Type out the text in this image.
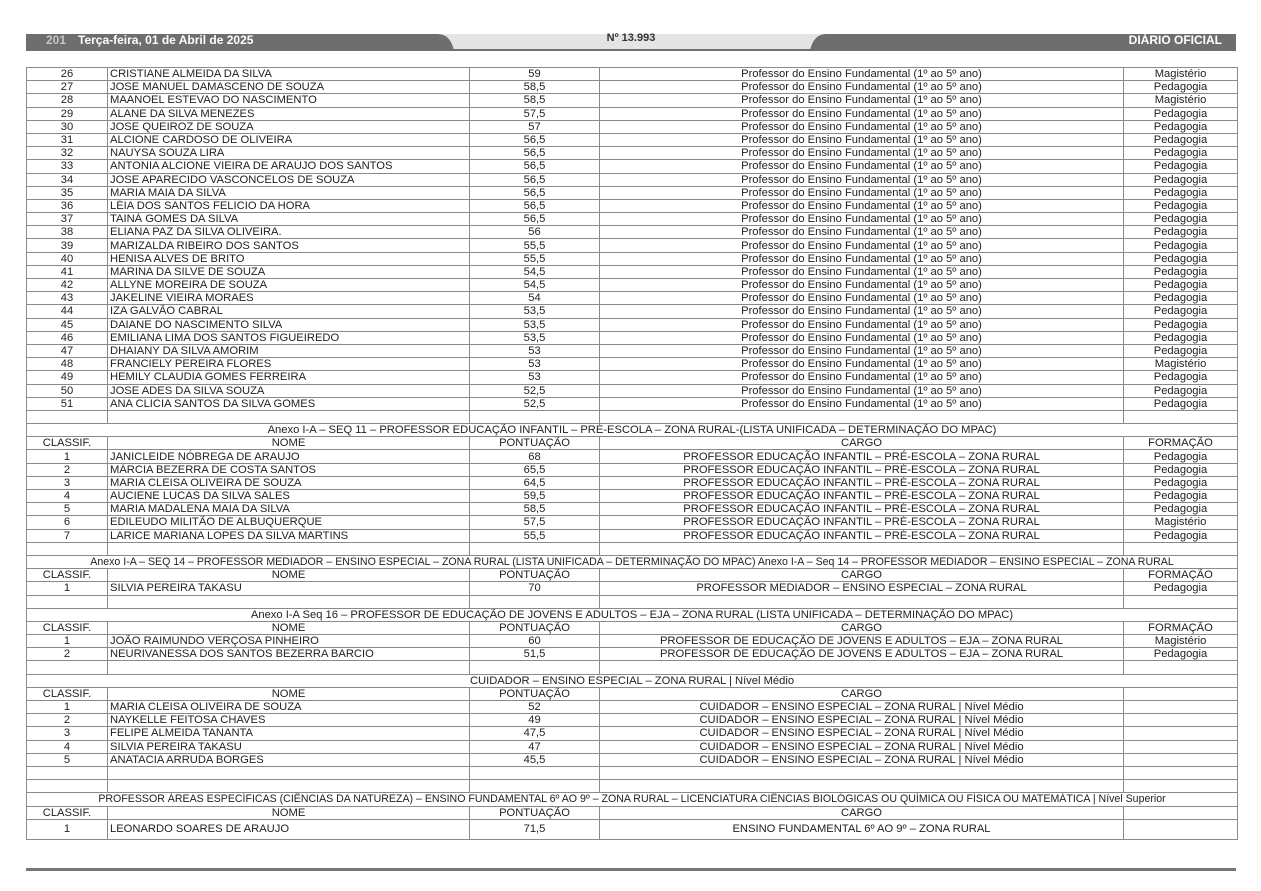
201 Terça-feira, 01 de Abril de 2025	Nº 13.993	DIÁRIO OFICIAL
26	CRISTIANE ALMEIDA DA SILVA	59	Professor do Ensino Fundamental (1º ao 5º ano)	Magistério
27	JOSE MANUEL DAMASCENO DE SOUZA	58,5	Professor do Ensino Fundamental (1º ao 5º ano)	Pedagogia
28	MAANOEL ESTEVAO DO NASCIMENTO	58,5	Professor do Ensino Fundamental (1º ao 5º ano)	Magistério
29	ALANE DA SILVA MENEZES	57,5	Professor do Ensino Fundamental (1º ao 5º ano)	Pedagogia
30	JOSE QUEIROZ DE SOUZA	57	Professor do Ensino Fundamental (1º ao 5º ano)	Pedagogia
31	ALCIONE CARDOSO DE OLIVEIRA	56,5	Professor do Ensino Fundamental (1º ao 5º ano)	Pedagogia
32	NAUYSA SOUZA LIRA	56,5	Professor do Ensino Fundamental (1º ao 5º ano)	Pedagogia
33	ANTONIA ALCIONE VIEIRA DE ARAÚJO DOS SANTOS	56,5	Professor do Ensino Fundamental (1º ao 5º ano)	Pedagogia
34	JOSE APARECIDO VASCONCELOS DE SOUZA	56,5	Professor do Ensino Fundamental (1º ao 5º ano)	Pedagogia
35	MARIA MAIA DA SILVA	56,5	Professor do Ensino Fundamental (1º ao 5º ano)	Pedagogia
36	LÉIA DOS SANTOS FELICIO DA HORA	56,5	Professor do Ensino Fundamental (1º ao 5º ano)	Pedagogia
37	TAINÁ GOMES DA SILVA	56,5	Professor do Ensino Fundamental (1º ao 5º ano)	Pedagogia
38	ELIANA PAZ DA SILVA OLIVEIRA.	56	Professor do Ensino Fundamental (1º ao 5º ano)	Pedagogia
39	MARIZALDA RIBEIRO DOS SANTOS	55,5	Professor do Ensino Fundamental (1º ao 5º ano)	Pedagogia
40	HENISA ALVES DE BRITO	55,5	Professor do Ensino Fundamental (1º ao 5º ano)	Pedagogia
41	MARINA DA SILVE DE SOUZA	54,5	Professor do Ensino Fundamental (1º ao 5º ano)	Pedagogia
42	ALLYNE MOREIRA DE SOUZA	54,5	Professor do Ensino Fundamental (1º ao 5º ano)	Pedagogia
43	JAKELINE VIEIRA MORAES	54	Professor do Ensino Fundamental (1º ao 5º ano)	Pedagogia
44	IZA GALVÃO CABRAL	53,5	Professor do Ensino Fundamental (1º ao 5º ano)	Pedagogia
45	DAIANE DO NASCIMENTO SILVA	53,5	Professor do Ensino Fundamental (1º ao 5º ano)	Pedagogia
46	EMILIANA LIMA DOS SANTOS FIGUEIREDO	53,5	Professor do Ensino Fundamental (1º ao 5º ano)	Pedagogia
47	DHAIANY DA SILVA AMORIM	53	Professor do Ensino Fundamental (1º ao 5º ano)	Pedagogia
48	FRANCIELY PEREIRA FLORES	53	Professor do Ensino Fundamental (1º ao 5º ano)	Magistério
49	HEMILY CLAUDIA GOMES FERREIRA	53	Professor do Ensino Fundamental (1º ao 5º ano)	Pedagogia
50	JOSE ADES DA SILVA SOUZA	52,5	Professor do Ensino Fundamental (1º ao 5º ano)	Pedagogia
51	ANA CLICIA SANTOS DA SILVA GOMES	52,5	Professor do Ensino Fundamental (1º ao 5º ano)	Pedagogia

Anexo I-A – SEQ 11 – PROFESSOR EDUCAÇÃO INFANTIL – PRÉ-ESCOLA – ZONA RURAL-(LISTA UNIFICADA – DETERMINAÇÃO DO MPAC)				
CLASSIF.	NOME	PONTUAÇÃO	CARGO	FORMAÇÃO
1	JANICLEIDE NÓBREGA DE ARAUJO	68	PROFESSOR EDUCAÇÃO INFANTIL – PRÉ-ESCOLA – ZONA RURAL	Pedagogia
2	MÁRCIA BEZERRA DE COSTA SANTOS	65,5	PROFESSOR EDUCAÇÃO INFANTIL – PRÉ-ESCOLA – ZONA RURAL	Pedagogia
3	MARIA CLEISA OLIVEIRA DE SOUZA	64,5	PROFESSOR EDUCAÇÃO INFANTIL – PRÉ-ESCOLA – ZONA RURAL	Pedagogia
4	AUCIENE LUCAS DA SILVA SALES	59,5	PROFESSOR EDUCAÇÃO INFANTIL – PRÉ-ESCOLA – ZONA RURAL	Pedagogia
5	MARIA MADALENA MAIA DA SILVA	58,5	PROFESSOR EDUCAÇÃO INFANTIL – PRÉ-ESCOLA – ZONA RURAL	Pedagogia
6	EDILEUDO MILITÃO DE ALBUQUERQUE	57,5	PROFESSOR EDUCAÇÃO INFANTIL – PRÉ-ESCOLA – ZONA RURAL	Magistério
7	LARICE MARIANA LOPES DA SILVA MARTINS	55,5	PROFESSOR EDUCAÇÃO INFANTIL – PRÉ-ESCOLA – ZONA RURAL	Pedagogia

Anexo I-A – SEQ 14 – PROFESSOR MEDIADOR – ENSINO ESPECIAL – ZONA RURAL (LISTA UNIFICADA – DETERMINAÇÃO DO MPAC) Anexo I-A – Seq 14 – PROFESSOR MEDIADOR – ENSINO ESPECIAL – ZONA RURAL				
CLASSIF.	NOME	PONTUAÇÃO	CARGO	FORMAÇÃO
1	SILVIA PEREIRA TAKASU	70	PROFESSOR MEDIADOR – ENSINO ESPECIAL – ZONA RURAL	Pedagogia

Anexo I-A Seq 16 – PROFESSOR DE EDUCAÇÃO DE JOVENS E ADULTOS – EJA – ZONA RURAL (LISTA UNIFICADA – DETERMINAÇÃO DO MPAC)				
CLASSIF.	NOME	PONTUAÇÃO	CARGO	FORMAÇÃO
1	JOÃO RAIMUNDO VERÇOSA PINHEIRO	60	PROFESSOR DE EDUCAÇÃO DE JOVENS E ADULTOS – EJA – ZONA RURAL	Magistério
2	NEURIVANESSA DOS SANTOS BEZERRA BARCIO	51,5	PROFESSOR DE EDUCAÇÃO DE JOVENS E ADULTOS – EJA – ZONA RURAL	Pedagogia

CUIDADOR – ENSINO ESPECIAL – ZONA RURAL | Nível Médio				
CLASSIF.	NOME	PONTUAÇÃO	CARGO	
1	MARIA CLEISA OLIVEIRA DE SOUZA	52	CUIDADOR – ENSINO ESPECIAL – ZONA RURAL | Nível Médio	
2	NAYKELLE FEITOSA CHAVES	49	CUIDADOR – ENSINO ESPECIAL – ZONA RURAL | Nível Médio	
3	FELIPE ALMEIDA TANANTA	47,5	CUIDADOR – ENSINO ESPECIAL – ZONA RURAL | Nível Médio	
4	SILVIA PEREIRA TAKASU	47	CUIDADOR – ENSINO ESPECIAL – ZONA RURAL | Nível Médio	
5	ANATACIA ARRUDA BORGES	45,5	CUIDADOR – ENSINO ESPECIAL – ZONA RURAL | Nível Médio	

PROFESSOR ÁREAS ESPECÍFICAS (CIÊNCIAS DA NATUREZA) – ENSINO FUNDAMENTAL 6º AO 9º – ZONA RURAL – LICENCIATURA CIÊNCIAS BIOLÓGICAS OU QUÍMICA OU FÍSICA OU MATEMÁTICA | Nível Superior				
CLASSIF.	NOME	PONTUAÇÃO	CARGO	
1	LEONARDO SOARES DE ARAUJO	71,5	ENSINO FUNDAMENTAL 6º AO 9º – ZONA RURAL	
